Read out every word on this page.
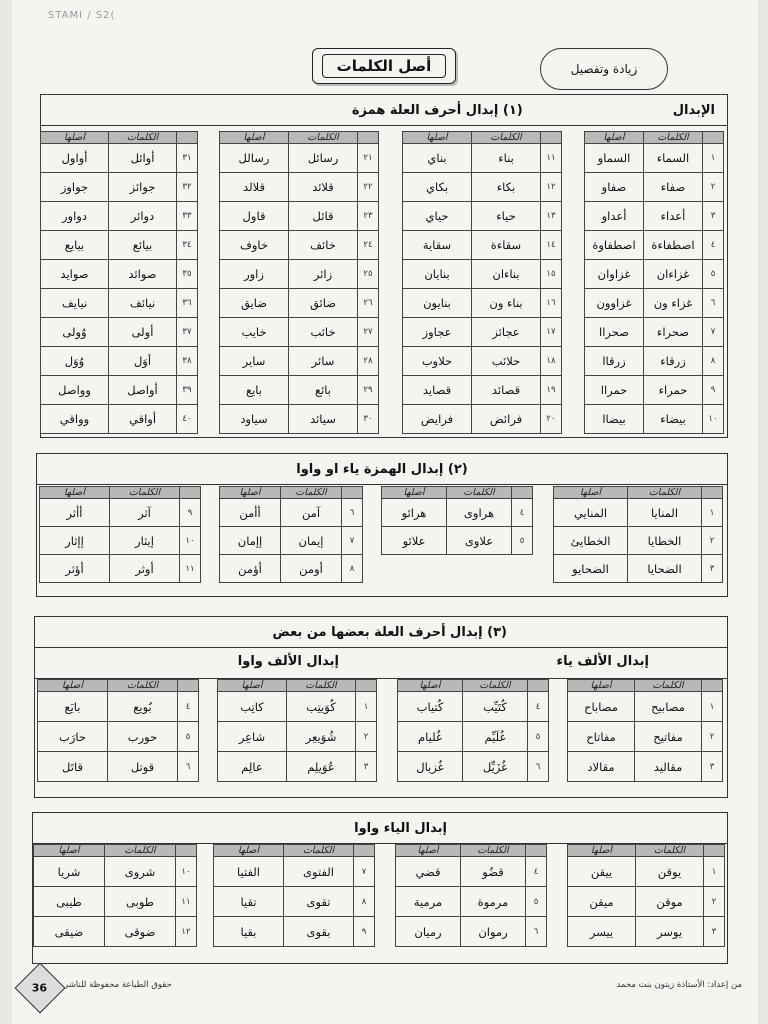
STAMI / S2(
أصل الكلمات	زيادة وتفصيل
الإبدال
(١) إبدال أحرف العلة همزة
	الكلمات	أصلها
١	السماء	السماو
٢	صفاء	صفاو
٣	أعداء	أعداو
٤	اصطفاءة	اصطفاوة
٥	غزاءان	غزاوان
٦	غزاء ون	غزاوون
٧	صحراء	صحراا
٨	زرقاء	زرقاا
٩	حمراء	حمراا
١٠	بيضاء	بيضاا
	الكلمات	أصلها
١١	بناء	بناي
١٢	بكاء	بكاي
١٣	حياء	حياي
١٤	سقاءة	سقاية
١٥	بناءان	بنايان
١٦	بناء ون	بنايون
١٧	عجائز	عجاوز
١٨	حلائب	حلاوب
١٩	قصائد	قصايد
٢٠	فرائض	فرايض
	الكلمات	أصلها
٢١	رسائل	رسالل
٢٢	قلائد	قلالد
٢٣	قائل	قاول
٢٤	خائف	خاوف
٢٥	زائر	زاور
٢٦	ضائق	ضايق
٢٧	خائب	خايب
٢٨	سائر	ساير
٢٩	بائع	بايع
٣٠	سيائد	سياود
	الكلمات	أصلها
٣١	أوائل	أواول
٣٢	جوائز	جواوز
٣٣	دوائر	دواور
٣٤	بيائع	بيايع
٣٥	صوائد	صوايد
٣٦	نيائف	نيايف
٣٧	أولى	وُولى
٣٨	أوَل	وُوَل
٣٩	أواصل	وواصل
٤٠	أواقي	وواقي
(٢) إبدال الهمزة ياء او واوا
	الكلمات	أصلها
١	المنايا	المنايي
٢	الخطايا	الخطايئ
٣	الضحايا	الضحايو
	الكلمات	أصلها
٤	هراوى	هرائو
٥	علاوى	علائو
	الكلمات	أصلها
٦	آمن	أأمن
٧	إيمان	إإمان
٨	أومن	أؤمن
	الكلمات	أصلها
٩	آثر	أأثر
١٠	إيثار	إإثار
١١	أوثر	أؤثر
(٣) إبدال أحرف العلة بعضها من بعض
إبدال الألف ياء
إبدال الألف واوا
	الكلمات	أصلها
١	مصابيح	مصاباح
٢	مفاتيح	مفاتاح
٣	مقاليد	مقالاد
	الكلمات	أصلها
٤	كُتَيِّب	كُتياب
٥	غُلَيِّم	غُليام
٦	غُزَيِّل	غُزيال
	الكلمات	أصلها
١	كُوَيتِب	كاتِب
٢	شُوَيعِر	شاعِر
٣	عُوَيلِم	عالِم
	الكلمات	أصلها
٤	بُويع	بايَع
٥	حورب	حارَب
٦	قوتل	قاتَل
إبدال الياء واوا
	الكلمات	أصلها
١	يوقن	ييقن
٢	موقن	ميقن
٣	يوسر	ييسر
	الكلمات	أصلها
٤	قضُو	قضي
٥	مرموة	مرمية
٦	رموان	رميان
	الكلمات	أصلها
٧	الفتوى	الفتيا
٨	تقوى	تقيا
٩	بقوى	بقيا
	الكلمات	أصلها
١٠	شروى	شريا
١١	طوبى	طيبى
١٢	ضوقى	ضيقى
من إعداد: الأستاذة زيتون بنت محمد
حقوق الطباعة محفوظة للناشر
36
